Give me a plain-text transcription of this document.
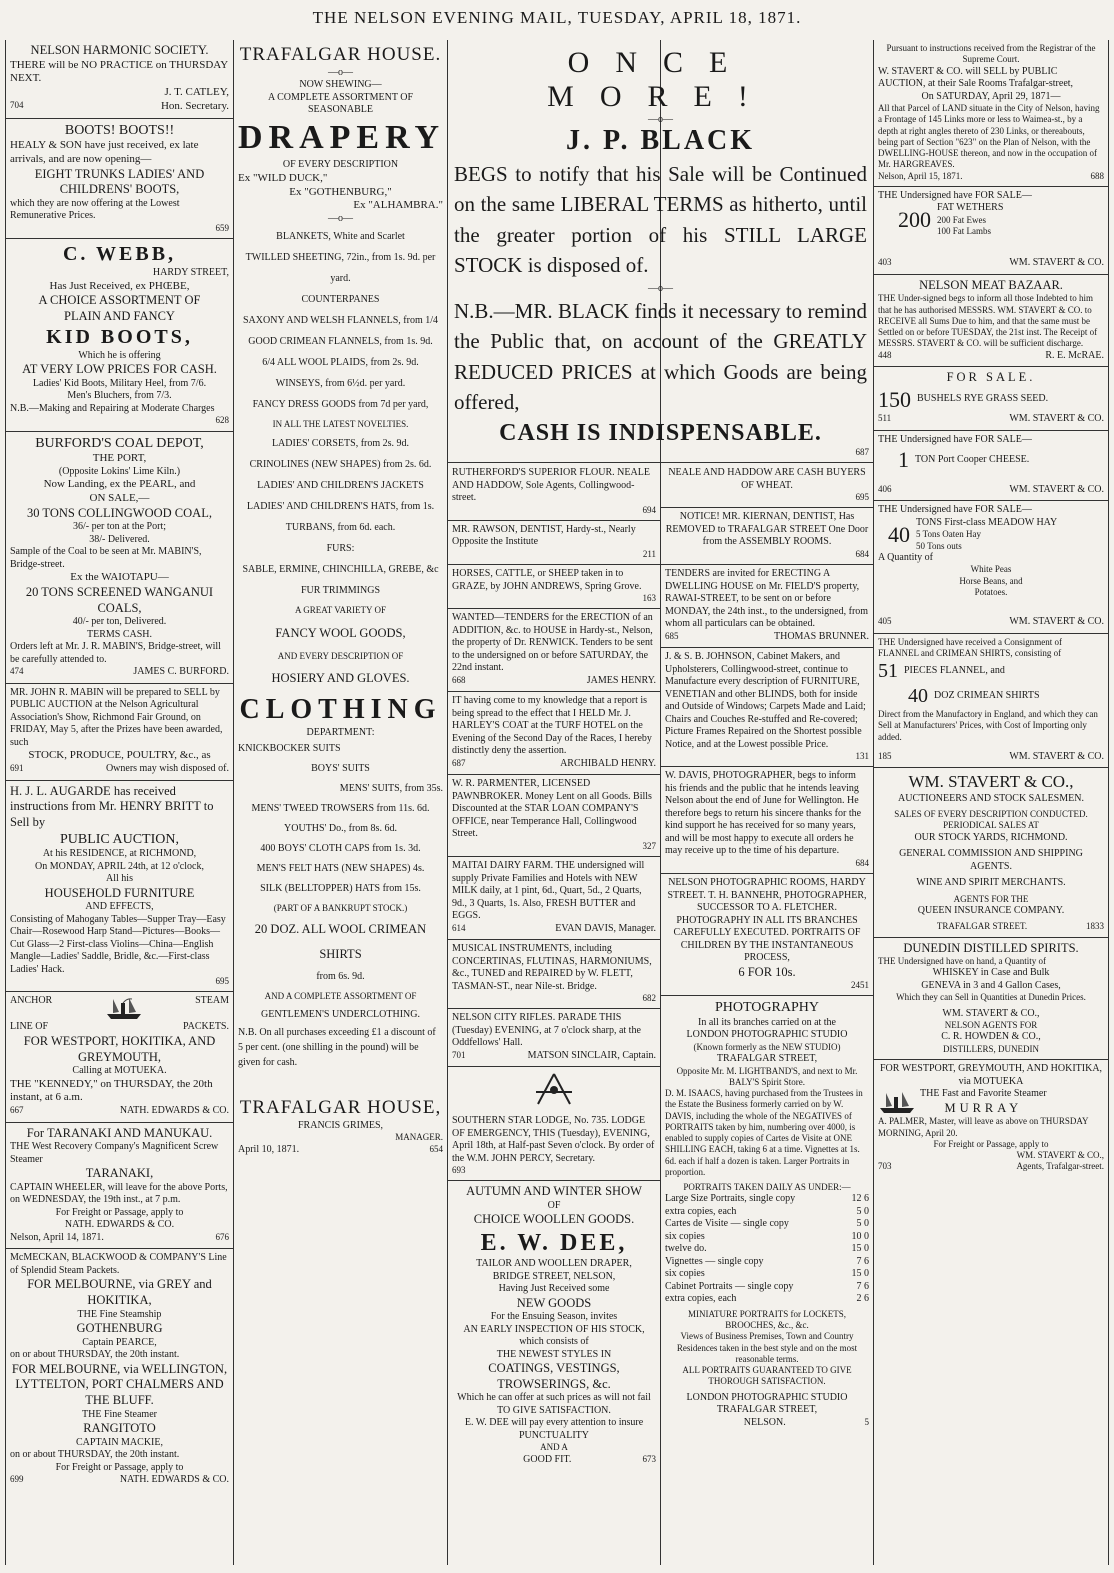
THE NELSON EVENING MAIL, TUESDAY, APRIL 18, 1871.
NELSON HARMONIC SOCIETY.
THERE will be NO PRACTICE on THURSDAY NEXT.
J. T. CATLEY,
704	Hon. Secretary.
BOOTS! BOOTS!!
HEALY & SON have just received, ex late arrivals, and are now opening—
EIGHT TRUNKS LADIES' AND CHILDRENS' BOOTS,
which they are now offering at the Lowest Remunerative Prices.
659
C. WEBB,
HARDY STREET,
Has Just Received, ex PHŒBE,
A CHOICE ASSORTMENT OF
PLAIN AND FANCY
KID BOOTS,
Which he is offering
AT VERY LOW PRICES FOR CASH.
Ladies' Kid Boots, Military Heel, from 7/6.
Men's Bluchers, from 7/3.
N.B.—Making and Repairing at Moderate Charges
628
BURFORD'S COAL DEPOT,
THE PORT,
(Opposite Lokins' Lime Kiln.)
Now Landing, ex the PEARL, and
ON SALE,—
30 TONS COLLINGWOOD COAL,
36/- per ton at the Port;
38/- Delivered.
Sample of the Coal to be seen at Mr. MABIN'S, Bridge-street.
Ex the WAIOTAPU—
20 TONS SCREENED WANGANUI COALS,
40/- per ton, Delivered.
TERMS CASH.
Orders left at Mr. J. R. MABIN'S, Bridge-street, will be carefully attended to.
474	JAMES C. BURFORD.
MR. JOHN R. MABIN will be prepared to SELL by PUBLIC AUCTION at the Nelson Agricultural Association's Show, Richmond Fair Ground, on FRIDAY, May 5, after the Prizes have been awarded, such
STOCK, PRODUCE, POULTRY, &c., as
691	Owners may wish disposed of.
H. J. L. AUGARDE has received instructions from Mr. HENRY BRITT to Sell by
PUBLIC AUCTION,
At his RESIDENCE, at RICHMOND,
On MONDAY, APRIL 24th, at 12 o'clock,
All his
HOUSEHOLD FURNITURE
AND EFFECTS,
Consisting of Mahogany Tables—Supper Tray—Easy Chair—Rosewood Harp Stand—Pictures—Books—Cut Glass—2 First-class Violins—China—English Mangle—Ladies' Saddle, Bridle, &c.—First-class Ladies' Hack.
695
ANCHOR	STEAM
LINE OF	PACKETS.
FOR WESTPORT, HOKITIKA, AND GREYMOUTH,
Calling at MOTUEKA.
THE "KENNEDY," on THURSDAY, the 20th instant, at 6 a.m.
667	NATH. EDWARDS & CO.
For TARANAKI AND MANUKAU.
THE West Recovery Company's Magnificent Screw Steamer
TARANAKI,
CAPTAIN WHEELER, will leave for the above Ports, on WEDNESDAY, the 19th inst., at 7 p.m.
For Freight or Passage, apply to
NATH. EDWARDS & CO.
Nelson, April 14, 1871.	676
McMECKAN, BLACKWOOD & COMPANY'S Line of Splendid Steam Packets.
FOR MELBOURNE, via GREY and HOKITIKA,
THE Fine Steamship
GOTHENBURG
Captain PEARCE,
on or about THURSDAY, the 20th instant.
FOR MELBOURNE, via WELLINGTON, LYTTELTON, PORT CHALMERS AND THE BLUFF.
THE Fine Steamer
RANGITOTO
CAPTAIN MACKIE,
on or about THURSDAY, the 20th instant.
For Freight or Passage, apply to
699	NATH. EDWARDS & CO.
TRAFALGAR HOUSE.
—o—
NOW SHEWING—
A COMPLETE ASSORTMENT OF
SEASONABLE
DRAPERY
OF EVERY DESCRIPTION
Ex "WILD DUCK,"
Ex "GOTHENBURG,"
Ex "ALHAMBRA."
—o—
BLANKETS, White and Scarlet
TWILLED SHEETING, 72in., from 1s. 9d. per yard.
COUNTERPANES
SAXONY AND WELSH FLANNELS, from 1/4
GOOD CRIMEAN FLANNELS, from 1s. 9d.
6/4 ALL WOOL PLAIDS, from 2s. 9d.
WINSEYS, from 6½d. per yard.
FANCY DRESS GOODS from 7d per yard,
IN ALL THE LATEST NOVELTIES.
LADIES' CORSETS, from 2s. 9d.
CRINOLINES (NEW SHAPES) from 2s. 6d.
LADIES' AND CHILDREN'S JACKETS
LADIES' AND CHILDREN'S HATS, from 1s.
TURBANS, from 6d. each.
FURS:
SABLE, ERMINE, CHINCHILLA, GREBE, &c
FUR TRIMMINGS
A GREAT VARIETY OF
FANCY WOOL GOODS,
AND EVERY DESCRIPTION OF
HOSIERY AND GLOVES.
CLOTHING
DEPARTMENT:
KNICKBOCKER SUITS
BOYS' SUITS
MENS' SUITS, from 35s.
MENS' TWEED TROWSERS from 11s. 6d.
YOUTHS' Do., from 8s. 6d.
400 BOYS' CLOTH CAPS from 1s. 3d.
MEN'S FELT HATS (NEW SHAPES) 4s.
SILK (BELLTOPPER) HATS from 15s.
(PART OF A BANKRUPT STOCK.)
20 DOZ. ALL WOOL CRIMEAN SHIRTS
from 6s. 9d.
AND A COMPLETE ASSORTMENT OF
GENTLEMEN'S UNDERCLOTHING.
N.B. On all purchases exceeding £1 a discount of 5 per cent. (one shilling in the pound) will be given for cash.
TRAFALGAR HOUSE,
FRANCIS GRIMES,
MANAGER.
April 10, 1871.	654
ONCE MORE!
—o—
J. P. BLACK
BEGS to notify that his Sale will be Continued on the same LIBERAL TERMS as hitherto, until the greater portion of his STILL LARGE STOCK is disposed of.
—o—
N.B.—MR. BLACK finds it necessary to remind the Public that, on account of the GREATLY REDUCED PRICES at which Goods are being offered,
CASH IS INDISPENSABLE.
687
RUTHERFORD'S SUPERIOR FLOUR. NEALE AND HADDOW, Sole Agents, Collingwood-street.
694
MR. RAWSON, DENTIST, Hardy-st., Nearly Opposite the Institute
211
HORSES, CATTLE, or SHEEP taken in to GRAZE, by JOHN ANDREWS, Spring Grove.
163
WANTED—TENDERS for the ERECTION of an ADDITION, &c. to HOUSE in Hardy-st., Nelson, the property of Dr. RENWICK. Tenders to be sent to the undersigned on or before SATURDAY, the 22nd instant.
668	JAMES HENRY.
IT having come to my knowledge that a report is being spread to the effect that I HELD Mr. J. HARLEY'S COAT at the TURF HOTEL on the Evening of the Second Day of the Races, I hereby distinctly deny the assertion.
687	ARCHIBALD HENRY.
W. R. PARMENTER, LICENSED PAWNBROKER. Money Lent on all Goods. Bills Discounted at the STAR LOAN COMPANY'S OFFICE, near Temperance Hall, Collingwood Street.
327
MAITAI DAIRY FARM. THE undersigned will supply Private Families and Hotels with NEW MILK daily, at 1 pint, 6d., Quart, 5d., 2 Quarts, 9d., 3 Quarts, 1s. Also, FRESH BUTTER and EGGS.
614	EVAN DAVIS, Manager.
MUSICAL INSTRUMENTS, including CONCERTINAS, FLUTINAS, HARMONIUMS, &c., TUNED and REPAIRED by W. FLETT, TASMAN-ST., near Nile-st. Bridge.
682
NELSON CITY RIFLES. PARADE THIS (Tuesday) EVENING, at 7 o'clock sharp, at the Oddfellows' Hall.
701	MATSON SINCLAIR, Captain.
SOUTHERN STAR LODGE, No. 735. LODGE OF EMERGENCY, THIS (Tuesday), EVENING, April 18th, at Half-past Seven o'clock. By order of the W.M. JOHN PERCY, Secretary.
693
AUTUMN AND WINTER SHOW
OF
CHOICE WOOLLEN GOODS.
E. W. DEE,
TAILOR AND WOOLLEN DRAPER,
BRIDGE STREET, NELSON,
Having Just Received some
NEW GOODS
For the Ensuing Season, invites
AN EARLY INSPECTION OF HIS STOCK,
which consists of
THE NEWEST STYLES IN
COATINGS, VESTINGS, TROWSERINGS, &c.
Which he can offer at such prices as will not fail TO GIVE SATISFACTION.
E. W. DEE will pay every attention to insure
PUNCTUALITY
AND A
GOOD FIT.	673
NEALE AND HADDOW ARE CASH BUYERS OF WHEAT.
695
NOTICE! MR. KIERNAN, DENTIST, Has REMOVED to TRAFALGAR STREET One Door from the ASSEMBLY ROOMS.
684
TENDERS are invited for ERECTING A DWELLING HOUSE on Mr. FIELD'S property, RAWAI-STREET, to be sent on or before MONDAY, the 24th inst., to the undersigned, from whom all particulars can be obtained.
685	THOMAS BRUNNER.
J. & S. B. JOHNSON, Cabinet Makers, and Upholsterers, Collingwood-street, continue to Manufacture every description of FURNITURE, VENETIAN and other BLINDS, both for inside and Outside of Windows; Carpets Made and Laid; Chairs and Couches Re-stuffed and Re-covered; Picture Frames Repaired on the Shortest possible Notice, and at the Lowest possible Price.
131
W. DAVIS, PHOTOGRAPHER, begs to inform his friends and the public that he intends leaving Nelson about the end of June for Wellington. He therefore begs to return his sincere thanks for the kind support he has received for so many years, and will be most happy to execute all orders he may receive up to the time of his departure.
684
NELSON PHOTOGRAPHIC ROOMS, HARDY STREET. T. H. BANNEHR, PHOTOGRAPHER, SUCCESSOR TO A. FLETCHER. PHOTOGRAPHY IN ALL ITS BRANCHES CAREFULLY EXECUTED. PORTRAITS OF CHILDREN BY THE INSTANTANEOUS PROCESS,
6 FOR 10s.
2451
PHOTOGRAPHY
In all its branches carried on at the
LONDON PHOTOGRAPHIC STUDIO
(Known formerly as the NEW STUDIO)
TRAFALGAR STREET,
Opposite Mr. M. LIGHTBAND'S, and next to Mr. BALY'S Spirit Store.
D. M. ISAACS, having purchased from the Trustees in the Estate the Business formerly carried on by W. DAVIS, including the whole of the NEGATIVES of PORTRAITS taken by him, numbering over 4000, is enabled to supply copies of Cartes de Visite at ONE SHILLING EACH, taking 6 at a time. Vignettes at 1s. 6d. each if half a dozen is taken. Larger Portraits in proportion.
PORTRAITS TAKEN DAILY AS UNDER:—
Large Size Portraits, single copy	12 6
extra copies, each	5 0
Cartes de Visite — single copy	5 0
six copies	10 0
twelve do.	15 0
Vignettes — single copy	7 6
six copies	15 0
Cabinet Portraits — single copy	7 6
extra copies, each	2 6
MINIATURE PORTRAITS for LOCKETS, BROOCHES, &c., &c.
Views of Business Premises, Town and Country Residences taken in the best style and on the most reasonable terms.
ALL PORTRAITS GUARANTEED TO GIVE THOROUGH SATISFACTION.
LONDON PHOTOGRAPHIC STUDIO
TRAFALGAR STREET,
NELSON.	5
Pursuant to instructions received from the Registrar of the Supreme Court.
W. STAVERT & CO. will SELL by PUBLIC AUCTION, at their Sale Rooms Trafalgar-street,
On SATURDAY, April 29, 1871—
All that Parcel of LAND situate in the City of Nelson, having a Frontage of 145 Links more or less to Waimea-st., by a depth at right angles thereto of 230 Links, or thereabouts, being part of Section "623" on the Plan of Nelson, with the DWELLING-HOUSE thereon, and now in the occupation of Mr. HARGREAVES.
Nelson, April 15, 1871.	688
THE Undersigned have FOR SALE—
200 FAT WETHERS
200 Fat Ewes
100 Fat Lambs
403	WM. STAVERT & CO.
NELSON MEAT BAZAAR.
THE Under-signed begs to inform all those Indebted to him that he has authorised MESSRS. WM. STAVERT & CO. to RECEIVE all Sums Due to him, and that the same must be Settled on or before TUESDAY, the 21st inst. The Receipt of MESSRS. STAVERT & CO. will be sufficient discharge.
448	R. E. McRAE.
FOR SALE.
150 BUSHELS RYE GRASS SEED.
511	WM. STAVERT & CO.
THE Undersigned have FOR SALE—
1 TON Port Cooper CHEESE.
406	WM. STAVERT & CO.
THE Undersigned have FOR SALE—
40 TONS First-class MEADOW HAY
5 Tons Oaten Hay
50 Tons outs
A Quantity of
White Peas
Horse Beans, and
Potatoes.
405	WM. STAVERT & CO.
THE Undersigned have received a Consignment of FLANNEL and CRIMEAN SHIRTS, consisting of
51 PIECES FLANNEL, and
40 DOZ CRIMEAN SHIRTS
Direct from the Manufactory in England, and which they can Sell at Manufacturers' Prices, with Cost of Importing only added.
185	WM. STAVERT & CO.
WM. STAVERT & CO.,
AUCTIONEERS AND STOCK SALESMEN.
SALES OF EVERY DESCRIPTION CONDUCTED.
PERIODICAL SALES AT
OUR STOCK YARDS, RICHMOND.
GENERAL COMMISSION AND SHIPPING AGENTS.
WINE AND SPIRIT MERCHANTS.
AGENTS FOR THE
QUEEN INSURANCE COMPANY.
TRAFALGAR STREET.	1833
DUNEDIN DISTILLED SPIRITS.
THE Undersigned have on hand, a Quantity of
WHISKEY in Case and Bulk
GENEVA in 3 and 4 Gallon Cases,
Which they can Sell in Quantities at Dunedin Prices.
WM. STAVERT & CO.,
NELSON AGENTS FOR
C. R. HOWDEN & CO.,
DISTILLERS, DUNEDIN
FOR WESTPORT, GREYMOUTH, AND HOKITIKA, via MOTUEKA
THE Fast and Favorite Steamer
MURRAY
A. PALMER, Master, will leave as above on THURSDAY MORNING, April 20.
For Freight or Passage, apply to
WM. STAVERT & CO.,
703	Agents, Trafalgar-street.
